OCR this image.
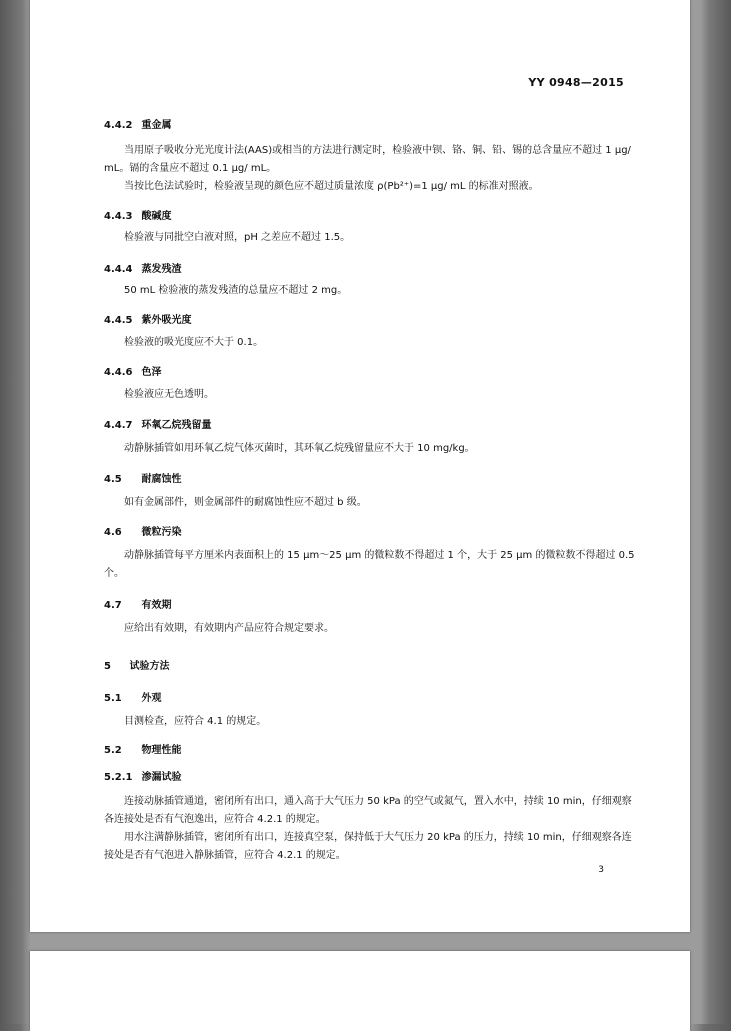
YY 0948—2015
4.4.2 重金属
当用原子吸收分光光度计法(AAS)或相当的方法进行测定时，检验液中钡、铬、铜、铅、锡的总含量应不超过 1 μg/ mL。镉的含量应不超过 0.1 μg/ mL。
当按比色法试验时，检验液呈现的颜色应不超过质量浓度 ρ(Pb²⁺)=1 μg/ mL 的标准对照液。
4.4.3 酸碱度
检验液与同批空白液对照，pH 之差应不超过 1.5。
4.4.4 蒸发残渣
50 mL 检验液的蒸发残渣的总量应不超过 2 mg。
4.4.5 紫外吸光度
检验液的吸光度应不大于 0.1。
4.4.6 色泽
检验液应无色透明。
4.4.7 环氧乙烷残留量
动静脉插管如用环氧乙烷气体灭菌时，其环氧乙烷残留量应不大于 10 mg/kg。
4.5 耐腐蚀性
如有金属部件，则金属部件的耐腐蚀性应不超过 b 级。
4.6 微粒污染
动静脉插管每平方厘米内表面积上的 15 μm～25 μm 的微粒数不得超过 1 个，大于 25 μm 的微粒数不得超过 0.5 个。
4.7 有效期
应给出有效期，有效期内产品应符合规定要求。
5 试验方法
5.1 外观
目测检查，应符合 4.1 的规定。
5.2 物理性能
5.2.1 渗漏试验
连接动脉插管通道，密闭所有出口，通入高于大气压力 50 kPa 的空气或氮气，置入水中，持续 10 min，仔细观察各连接处是否有气泡逸出，应符合 4.2.1 的规定。
用水注满静脉插管，密闭所有出口，连接真空泵，保持低于大气压力 20 kPa 的压力，持续 10 min，仔细观察各连接处是否有气泡进入静脉插管，应符合 4.2.1 的规定。
3
